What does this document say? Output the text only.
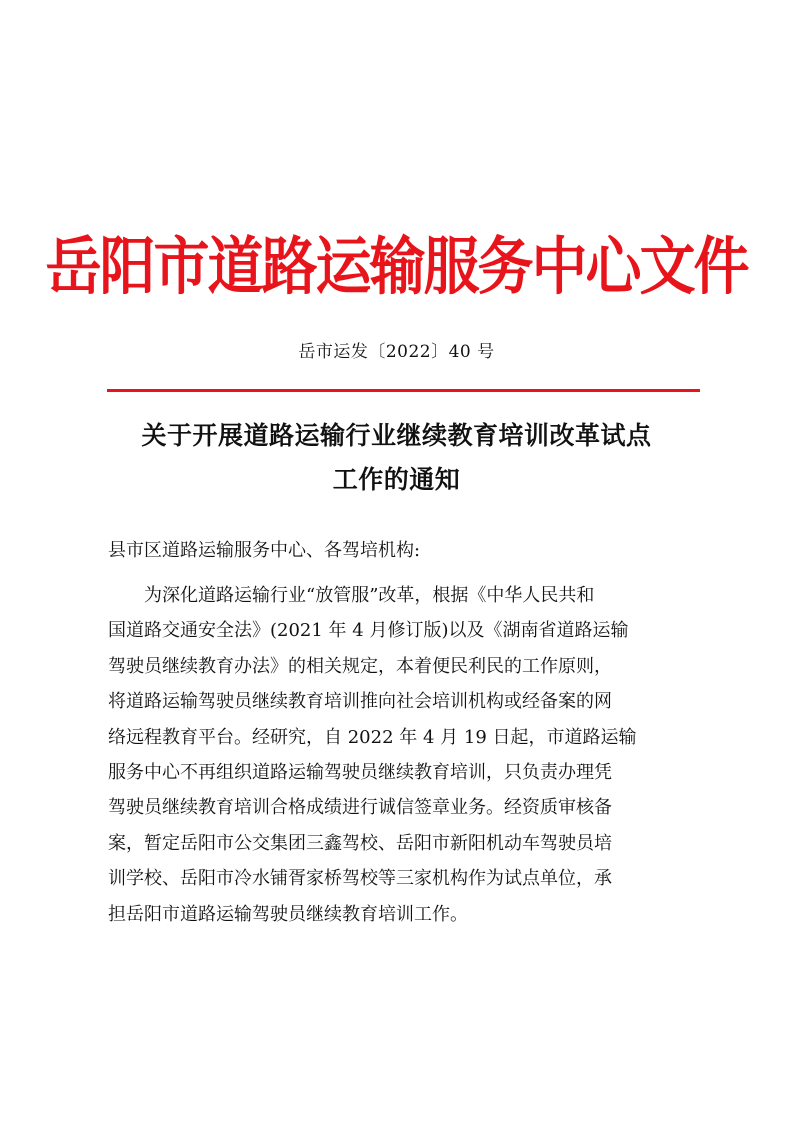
岳阳市道路运输服务中心文件
岳市运发〔2022〕40 号
关于开展道路运输行业继续教育培训改革试点
工作的通知
县市区道路运输服务中心、各驾培机构:
为深化道路运输行业“放管服”改革，根据《中华人民共和
国道路交通安全法》(2021 年 4 月修订版)以及《湖南省道路运输
驾驶员继续教育办法》的相关规定，本着便民利民的工作原则，
将道路运输驾驶员继续教育培训推向社会培训机构或经备案的网
络远程教育平台。经研究，自 2022 年 4 月 19 日起，市道路运输
服务中心不再组织道路运输驾驶员继续教育培训，只负责办理凭
驾驶员继续教育培训合格成绩进行诚信签章业务。经资质审核备
案，暂定岳阳市公交集团三鑫驾校、岳阳市新阳机动车驾驶员培
训学校、岳阳市冷水铺胥家桥驾校等三家机构作为试点单位，承
担岳阳市道路运输驾驶员继续教育培训工作。
